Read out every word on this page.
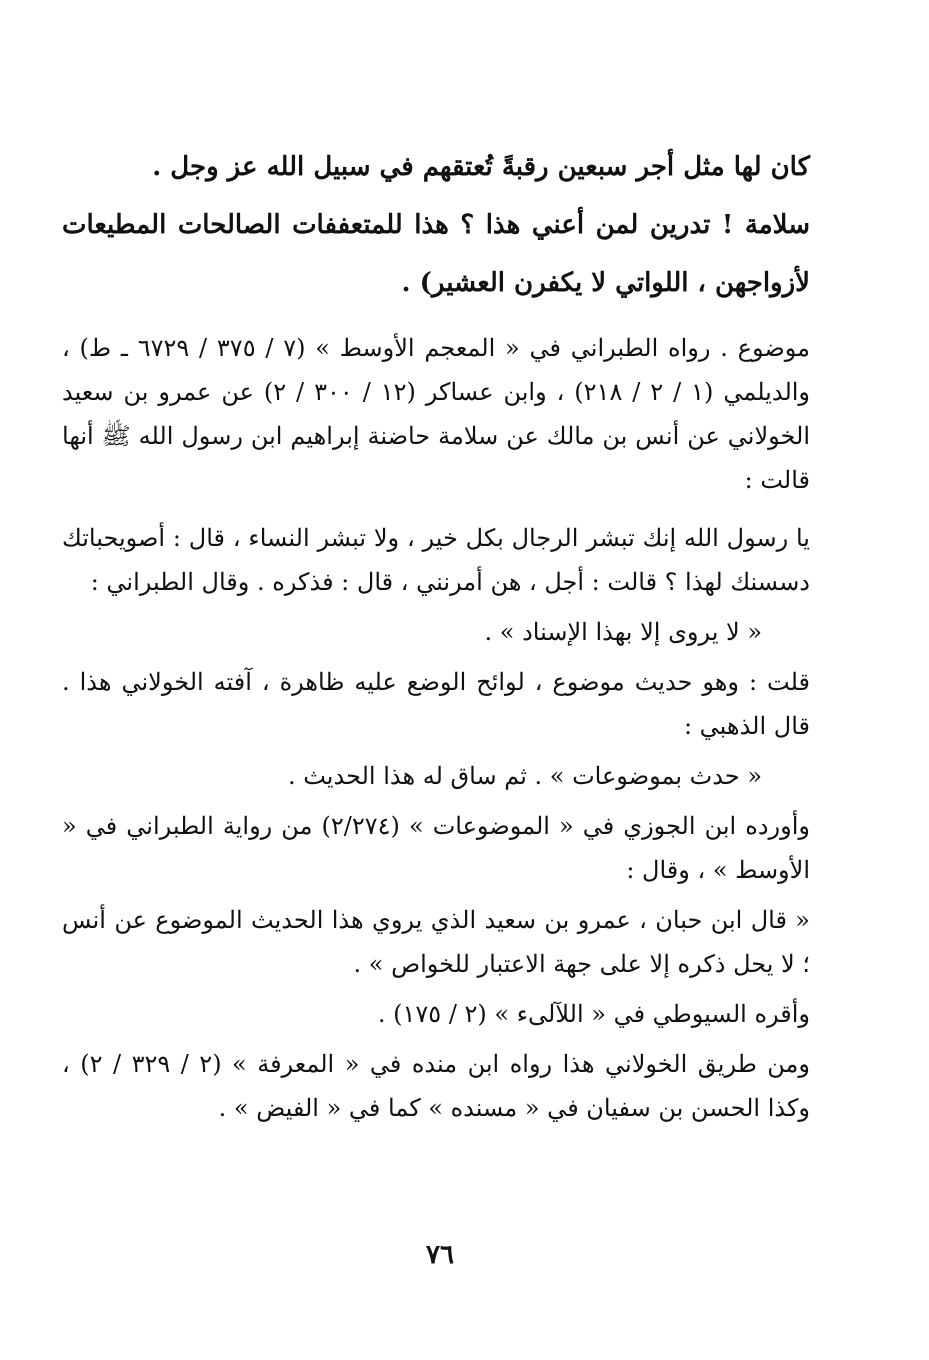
كان لها مثل أجر سبعين رقبةً تُعتقهم في سبيل الله عز وجل .

سلامة ! تدرين لمن أعني هذا ؟ هذا للمتعففات الصالحات المطيعات لأزواجهن ، اللواتي لا يكفرن العشير) .

موضوع . رواه الطبراني في « المعجم الأوسط » (٧ / ٣٧٥ / ٦٧٢٩ ـ ط) ، والديلمي (١ / ٢ / ٢١٨) ، وابن عساكر (١٢ / ٣٠٠ / ٢) عن عمرو بن سعيد الخولاني عن أنس بن مالك عن سلامة حاضنة إبراهيم ابن رسول الله ﷺ أنها قالت :

يا رسول الله إنك تبشر الرجال بكل خير ، ولا تبشر النساء ، قال : أصويحباتك دسسنك لهذا ؟ قالت : أجل ، هن أمرنني ، قال : فذكره . وقال الطبراني :

« لا يروى إلا بهذا الإسناد » .

قلت : وهو حديث موضوع ، لوائح الوضع عليه ظاهرة ، آفته الخولاني هذا . قال الذهبي :

« حدث بموضوعات » . ثم ساق له هذا الحديث .

وأورده ابن الجوزي في « الموضوعات » (٢/٢٧٤) من رواية الطبراني في « الأوسط » ، وقال :

« قال ابن حبان ، عمرو بن سعيد الذي يروي هذا الحديث الموضوع عن أنس ؛ لا يحل ذكره إلا على جهة الاعتبار للخواص » .

وأقره السيوطي في « اللآلىء » (٢ / ١٧٥) .

ومن طريق الخولاني هذا رواه ابن منده في « المعرفة » (٢ / ٣٢٩ / ٢) ، وكذا الحسن بن سفيان في « مسنده » كما في « الفيض » .

٧٦
